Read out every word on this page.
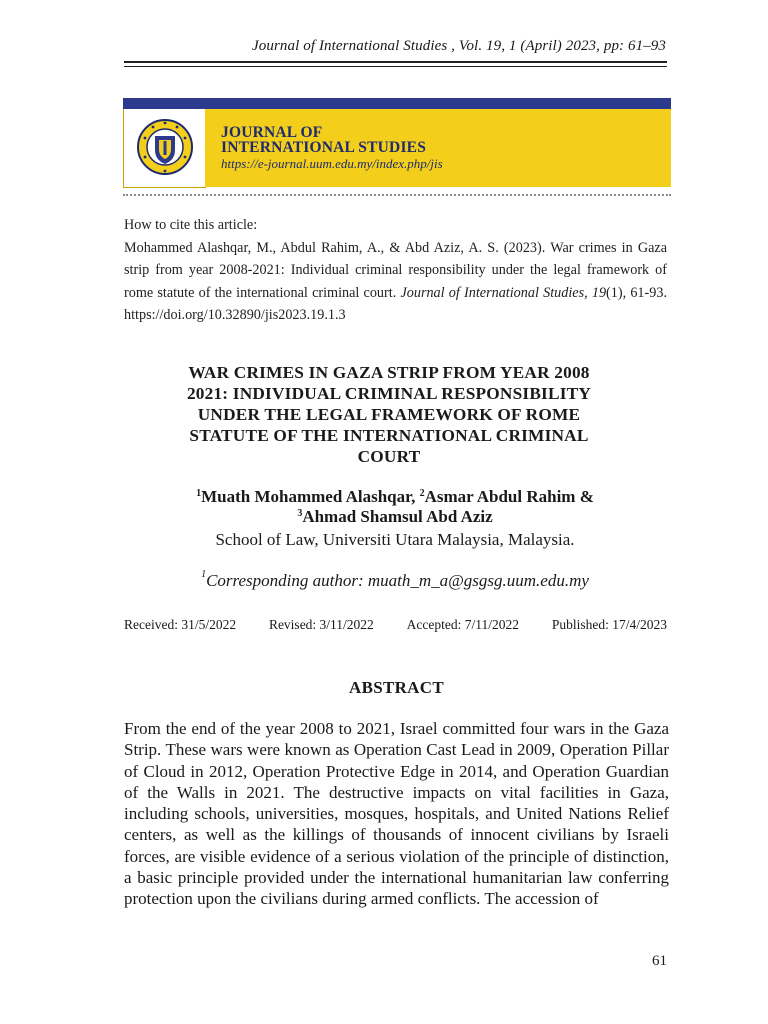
Journal of International Studies , Vol. 19, 1 (April) 2023, pp: 61–93
JOURNAL OF
INTERNATIONAL STUDIES
https://e-journal.uum.edu.my/index.php/jis

How to cite this article:

Mohammed Alashqar, M., Abdul Rahim, A., & Abd Aziz, A. S. (2023). War crimes in Gaza strip from year 2008-2021: Individual criminal responsibility under the legal framework of rome statute of the international criminal court. Journal of International Studies, 19(1), 61-93. https://doi.org/10.32890/jis2023.19.1.3

WAR CRIMES IN GAZA STRIP FROM YEAR 2008
2021: INDIVIDUAL CRIMINAL RESPONSIBILITY
UNDER THE LEGAL FRAMEWORK OF ROME
STATUTE OF THE INTERNATIONAL CRIMINAL
COURT
$^1$Muath Mohammed Alashqar, $^2$Asmar Abdul Rahim &
$^3$Ahmad Shamsul Abd Aziz
School of Law, Universiti Utara Malaysia, Malaysia.
$^1$Corresponding author: muath_m_a@gsgsg.uum.edu.my
Received: 31/5/2022 Revised: 3/11/2022 Accepted: 7/11/2022 Published: 17/4/2023
ABSTRACT

From the end of the year 2008 to 2021, Israel committed four wars in the Gaza Strip. These wars were known as Operation Cast Lead in 2009, Operation Pillar of Cloud in 2012, Operation Protective Edge in 2014, and Operation Guardian of the Walls in 2021. The destructive impacts on vital facilities in Gaza, including schools, universities, mosques, hospitals, and United Nations Relief centers, as well as the killings of thousands of innocent civilians by Israeli forces, are visible evidence of a serious violation of the principle of distinction, a basic principle provided under the international humanitarian law conferring protection upon the civilians during armed conflicts. The accession of

61
